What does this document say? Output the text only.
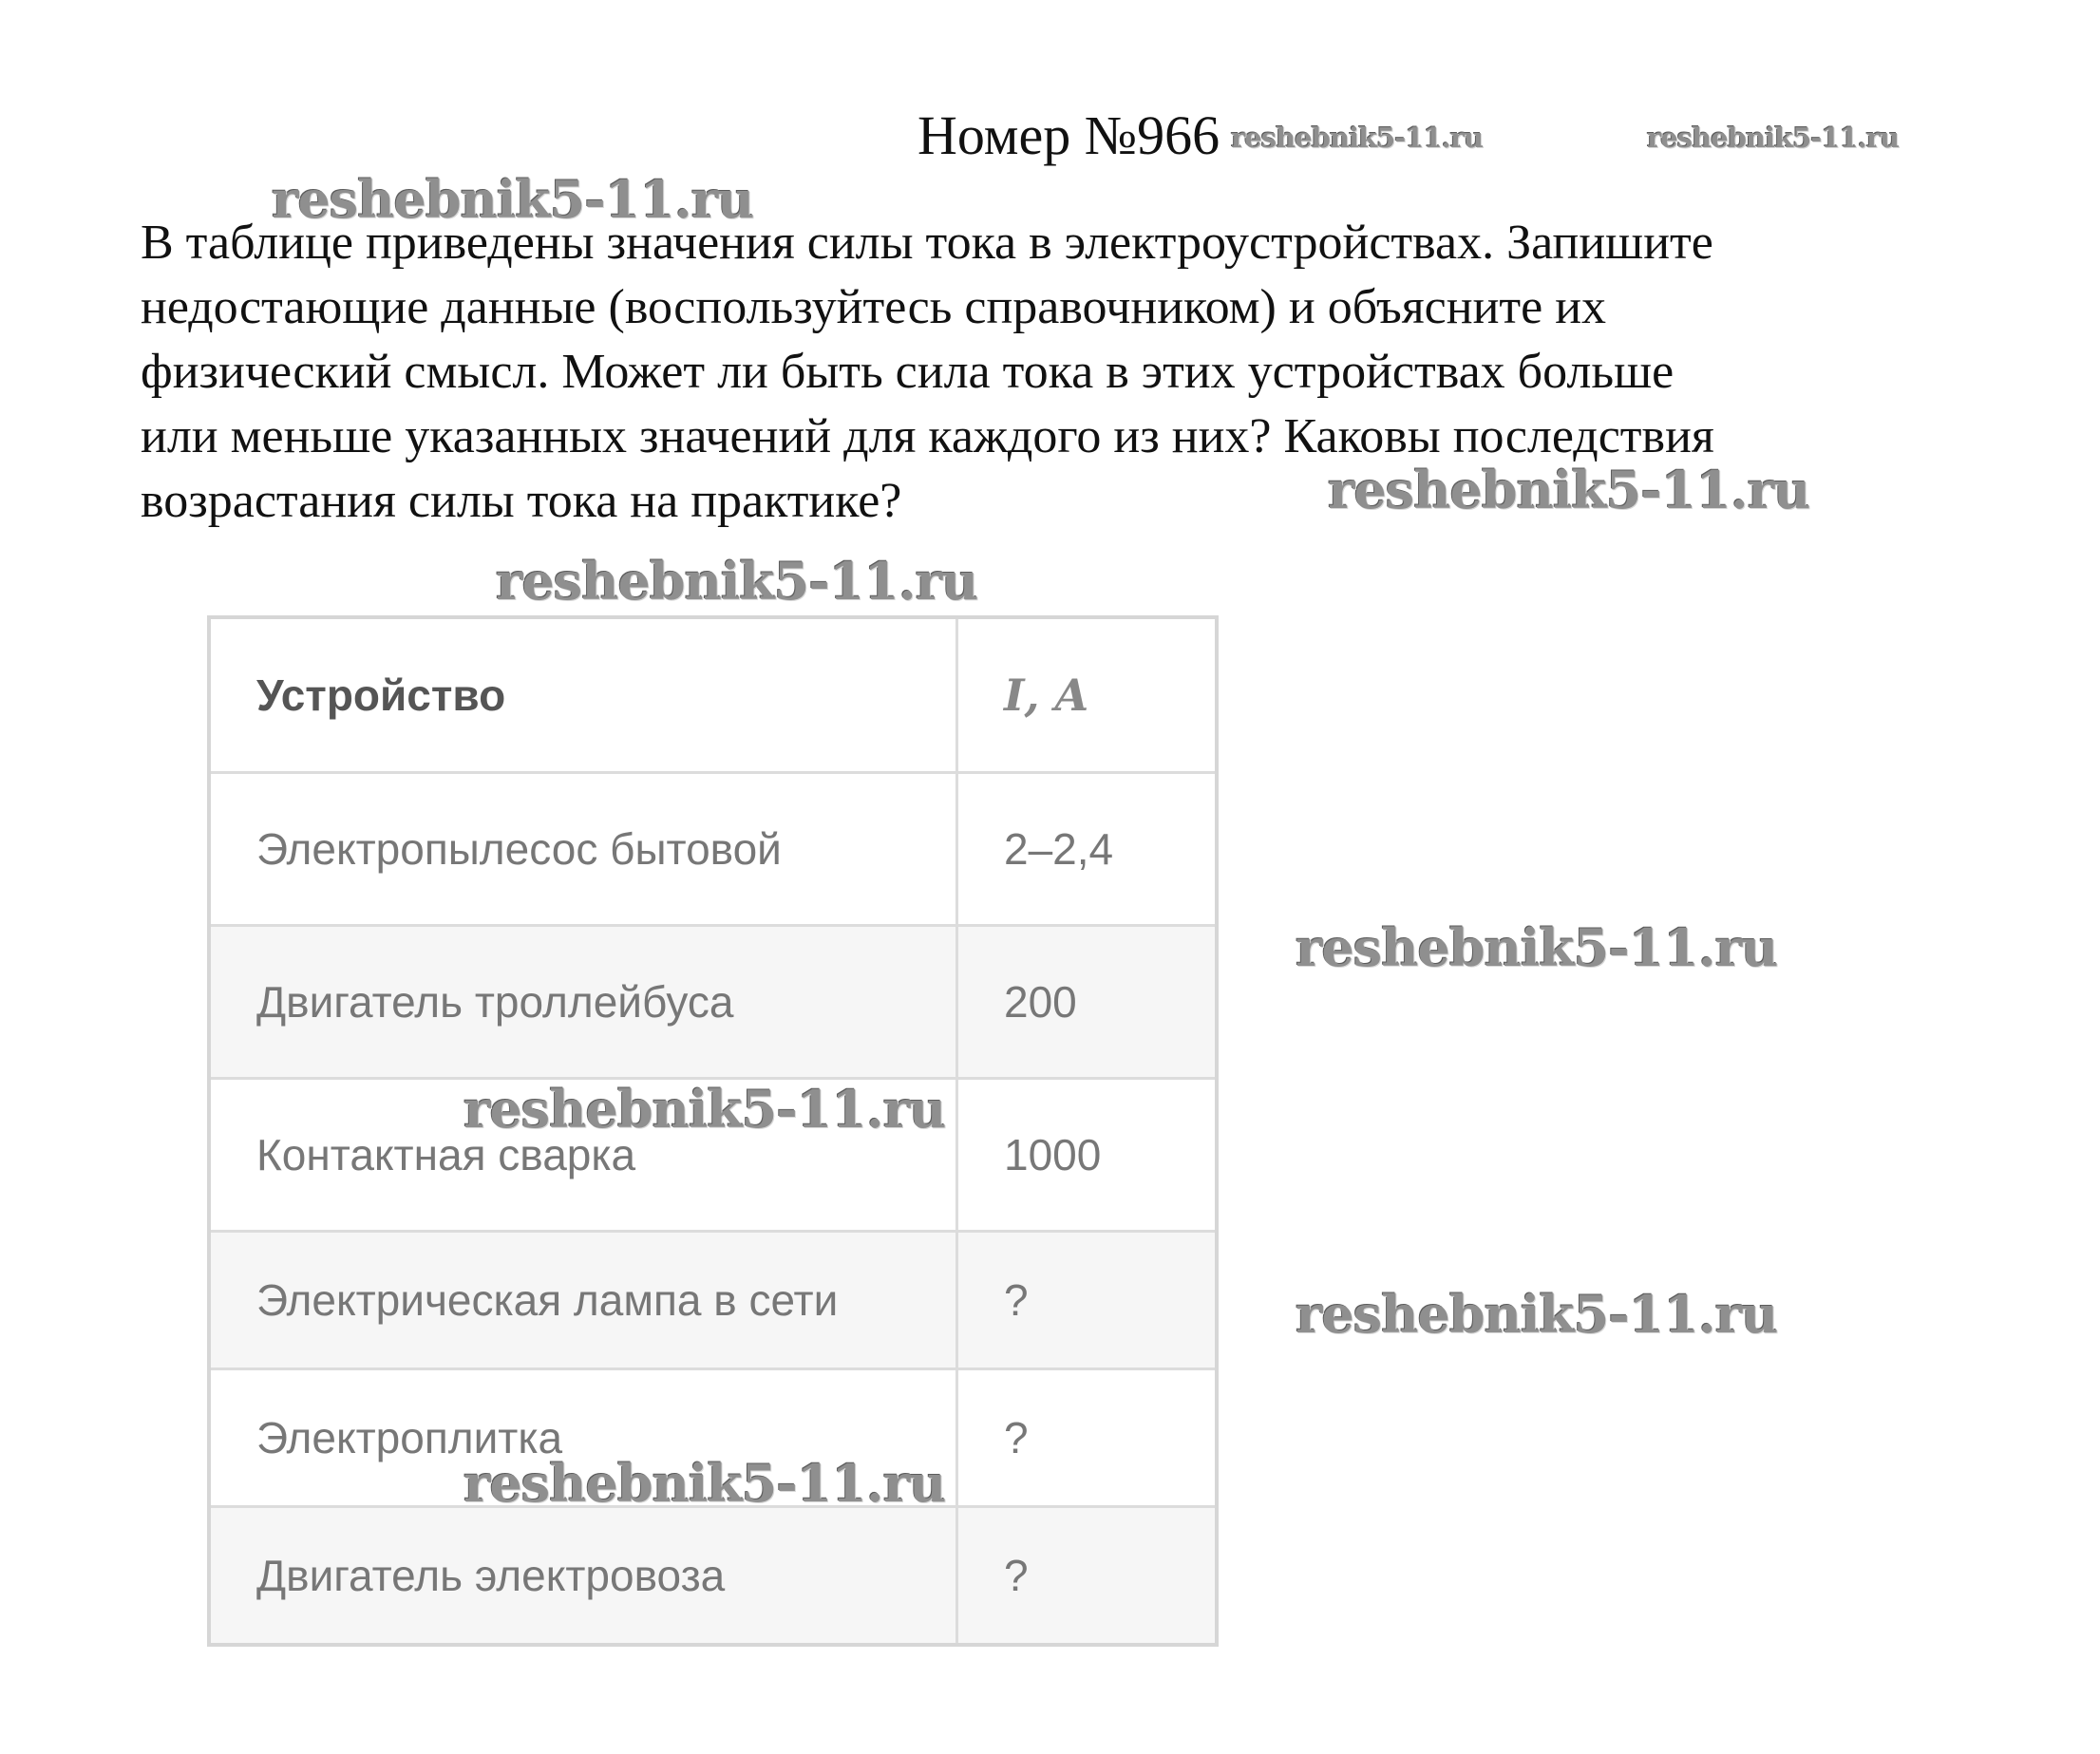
Номер №966 reshebnik5-11.ru	reshebnik5-11.ru
reshebnik5-11.ru
В таблице приведены значения силы тока в электроустройствах. Запишите
недостающие данные (воспользуйтесь справочником) и объясните их
физический смысл. Может ли быть сила тока в этих устройствах больше
или меньше указанных значений для каждого из них? Каковы последствия
возрастания силы тока на практике?	reshebnik5-11.ru
reshebnik5-11.ru
Устройство	I, A
Электропылесос бытовой	2–2,4
Двигатель троллейбуса	200
Контактная сварка	1000
Электрическая лампа в сети	?
Электроплитка	?
Двигатель электровоза	?
reshebnik5-11.ru
reshebnik5-11.ru
reshebnik5-11.ru
reshebnik5-11.ru
